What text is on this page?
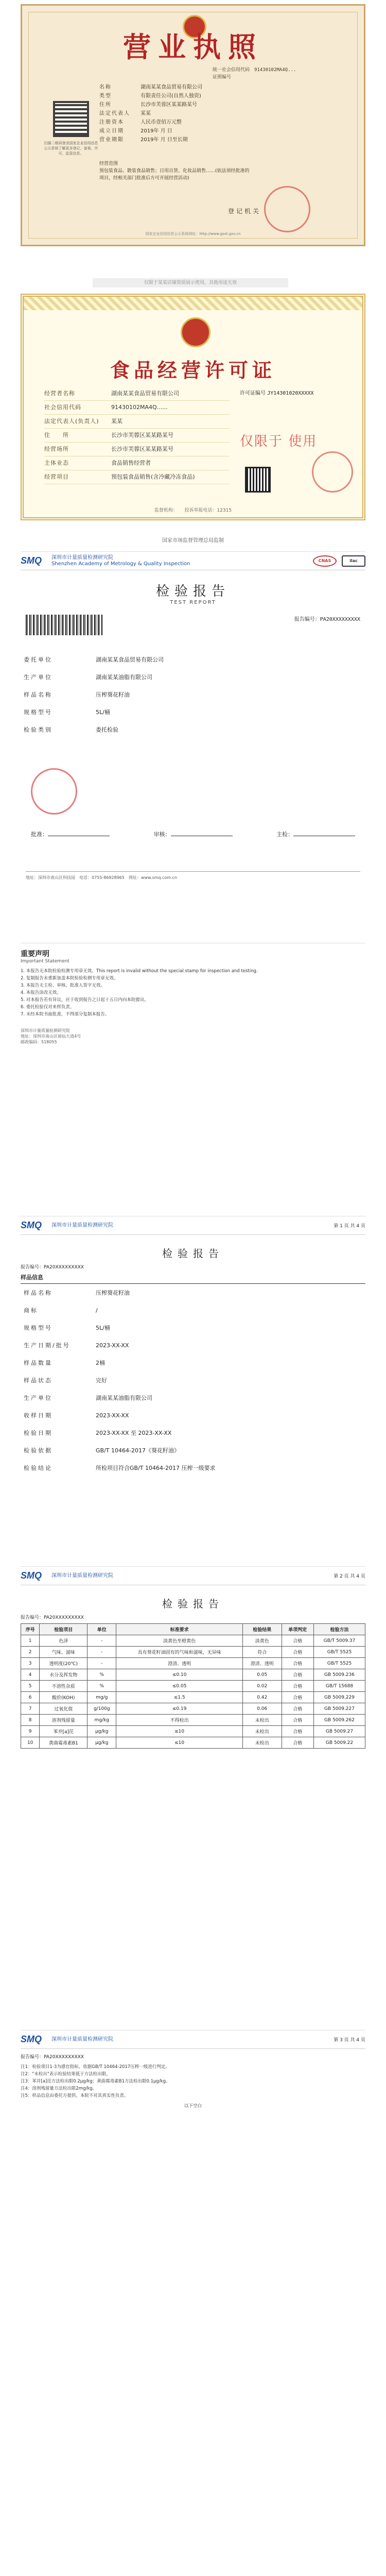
营业执照
统一社会信用代码　 91430102MA4Q...
证照编号
扫描二维码登录国家企业信用信息公示系统了解更多登记、备案、许可、监管信息。
名称	湖南某某食品贸易有限公司
类型	有限责任公司(自然人独资)
住所	长沙市芙蓉区某某路某号
法定代表人	某某
注册资本	人民币壹佰万元整
成立日期	2019年 月 日
营业期限	2019年 月 日至长期
经营范围
预包装食品、散装食品销售；日用百货、化妆品销售……(依法须经批准的项目，经相关部门批准后方可开展经营活动)
登记机关
国家企业信用信息公示系统网址：http://www.gsxt.gov.cn
仅限于某某店铺资质展示使用，其他用途无效
食品经营许可证
经营者名称	湖南某某食品贸易有限公司
社会信用代码	91430102MA4Q......
法定代表人(负责人)	某某
住　　所	长沙市芙蓉区某某路某号
经营场所	长沙市芙蓉区某某路某号
主体业态	食品销售经营者
经营项目	预包装食品销售(含冷藏冷冻食品)
许可证编号 JY14301020XXXXX
仅限于 使用
监督机构：　　投诉举报电话：12315
国家市场监督管理总局监制
SMQ	深圳市计量质量检测研究院
Shenzhen Academy of Metrology & Quality Inspection
CNAS	ilac
检验报告
TEST REPORT
报告编号：PA20XXXXXXXXX
委托单位	湖南某某食品贸易有限公司
生产单位	湖南某某油脂有限公司
样品名称	压榨葵花籽油
规格型号	5L/桶
检验类别	委托检验
批准：	审核：	主检：
地址：深圳市南山区科技园　电话：0755-86928965　网址：www.smq.com.cn
重要声明
Important Statement

1. 本报告无本院检验检测专用章无效。This report is invalid without the special stamp for inspection and testing.

2. 复制报告未重新加盖本院检验检测专用章无效。

3. 本报告无主检、审核、批准人签字无效。

4. 本报告涂改无效。

5. 对本报告若有异议，应于收到报告之日起十五日内向本院提出。

6. 委托检验仅对来样负责。

7. 未经本院书面批准，不得部分复制本报告。

深圳市计量质量检测研究院
地址：深圳市南山区留仙大道4号
邮政编码：518055
SMQ	深圳市计量质量检测研究院	第 1 页 共 4 页
检验报告
报告编号：PA20XXXXXXXXX
样品信息
样品名称	压榨葵花籽油
商标	/
规格型号	5L/桶
生产日期/批号	2023-XX-XX
样品数量	2桶
样品状态	完好
生产单位	湖南某某油脂有限公司
收样日期	2023-XX-XX
检验日期	2023-XX-XX 至 2023-XX-XX
检验依据	GB/T 10464-2017《葵花籽油》
检验结论	所检项目符合GB/T 10464-2017 压榨一级要求
SMQ	深圳市计量质量检测研究院	第 2 页 共 4 页
检验报告
报告编号：PA20XXXXXXXXX
序号	检验项目	单位	标准要求	检验结果	单项判定	检验方法
1	色泽	-	淡黄色至橙黄色	淡黄色	合格	GB/T 5009.37
2	气味、滋味	-	具有葵花籽油固有的气味和滋味，无异味	符合	合格	GB/T 5525
3	透明度(20℃)	-	澄清、透明	澄清、透明	合格	GB/T 5525
4	水分及挥发物	%	≤0.10	0.05	合格	GB 5009.236
5	不溶性杂质	%	≤0.05	0.02	合格	GB/T 15688
6	酸价(KOH)	mg/g	≤1.5	0.42	合格	GB 5009.229
7	过氧化值	g/100g	≤0.19	0.06	合格	GB 5009.227
8	溶剂残留量	mg/kg	不得检出	未检出	合格	GB 5009.262
9	苯并[a]芘	μg/kg	≤10	未检出	合格	GB 5009.27
10	黄曲霉毒素B1	μg/kg	≤10	未检出	合格	GB 5009.22
SMQ	深圳市计量质量检测研究院	第 3 页 共 4 页
报告编号：PA20XXXXXXXXX

注1：检验项目1-3为感官指标，依据GB/T 10464-2017压榨一级进行判定。

注2："未检出"表示检验结果低于方法检出限。

注3：苯并[a]芘方法检出限0.2μg/kg；黄曲霉毒素B1方法检出限0.1μg/kg。

注4：溶剂残留量方法检出限2mg/kg。

注5：样品信息由委托方提供，本院不对其真实性负责。

以下空白
